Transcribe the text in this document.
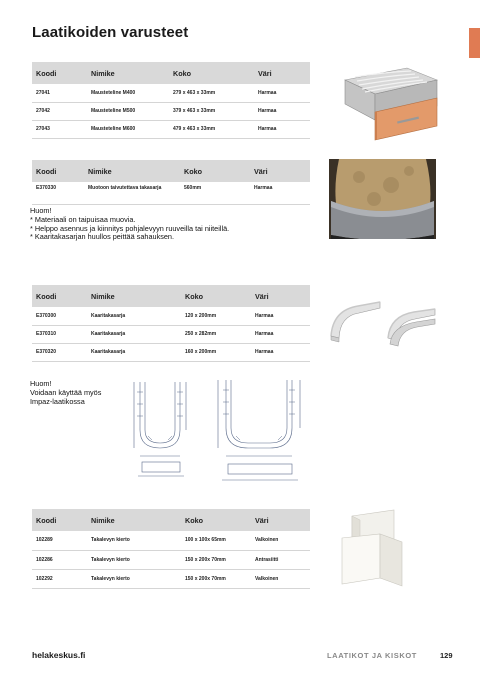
Laatikoiden varusteet
Koodi	Nimike	Koko	Väri
27041	Mausteteline M400	279 x 463 x 33mm	Harmaa
27042	Mausteteline M500	379 x 463 x 33mm	Harmaa
27043	Mausteteline M600	479 x 463 x 33mm	Harmaa
Koodi	Nimike	Koko	Väri
E370330	Muotoon taivutettava takasarja	560mm	Harmaa
Huom!
* Materiaali on taipuisaa muovia.
* Helppo asennus ja kiinnitys pohjalevyyn ruuveilla tai niiteillä.
* Kaaritakasarjan huullos peittää sahauksen.
Koodi	Nimike	Koko	Väri
E370300	Kaaritakasarja	120 x 200mm	Harmaa
E370310	Kaaritakasarja	250 x 282mm	Harmaa
E370320	Kaaritakasarja	160 x 200mm	Harmaa
Huom!
Voidaan käyttää myös
Impaz-laatikossa
Koodi	Nimike	Koko	Väri
102289	Takalevyn kierto	100 x 100x 65mm	Valkoinen
102286	Takalevyn kierto	150 x 200x 70mm	Antrasiitti
102292	Takalevyn kierto	150 x 200x 70mm	Valkoinen
helakeskus.fi	LAATIKOT JA KISKOT	129
